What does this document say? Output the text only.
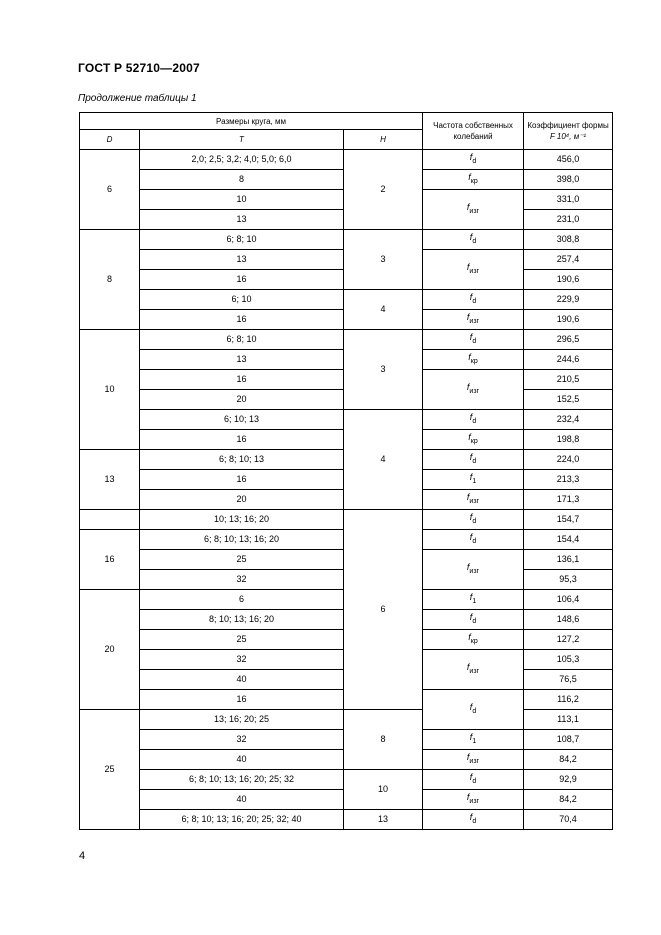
ГОСТ Р 52710—2007
Продолжение таблицы 1
Размеры круга, мм			Частота собственных колебаний	Коэффициент формы
F 10⁴, м⁻¹

D	T	H		
6	2,0; 2,5; 3,2; 4,0; 5,0; 6,0	2	$f_d$	456,0
	8		$f_{кр}$	398,0
	10		$f_{изг}$	331,0
	13			231,0
8	6; 8; 10	3	$f_d$	308,8
	13		$f_{изг}$	257,4
	16			190,6
	6; 10	4	$f_d$	229,9
	16		$f_{изг}$	190,6
10	6; 8; 10	3	$f_d$	296,5
	13		$f_{кр}$	244,6
	16		$f_{изг}$	210,5
	20			152,5
	6; 10; 13	4	$f_d$	232,4
	16		$f_{кр}$	198,8
13	6; 8; 10; 13		$f_d$	224,0
	16		$f_1$	213,3
	20		$f_{изг}$	171,3
	10; 13; 16; 20	6	$f_d$	154,7
16	6; 8; 10; 13; 16; 20		$f_d$	154,4
	25		$f_{изг}$	136,1
	32			95,3
20	6		$f_1$	106,4
	8; 10; 13; 16; 20		$f_d$	148,6
	25		$f_{кр}$	127,2
	32		$f_{изг}$	105,3
	40			76,5
	16		$f_d$	116,2
25	13; 16; 20; 25	8		113,1
	32		$f_1$	108,7
	40		$f_{изг}$	84,2
	6; 8; 10; 13; 16; 20; 25; 32	10	$f_d$	92,9
	40		$f_{изг}$	84,2
	6; 8; 10; 13; 16; 20; 25; 32; 40	13	$f_d$	70,4
4
